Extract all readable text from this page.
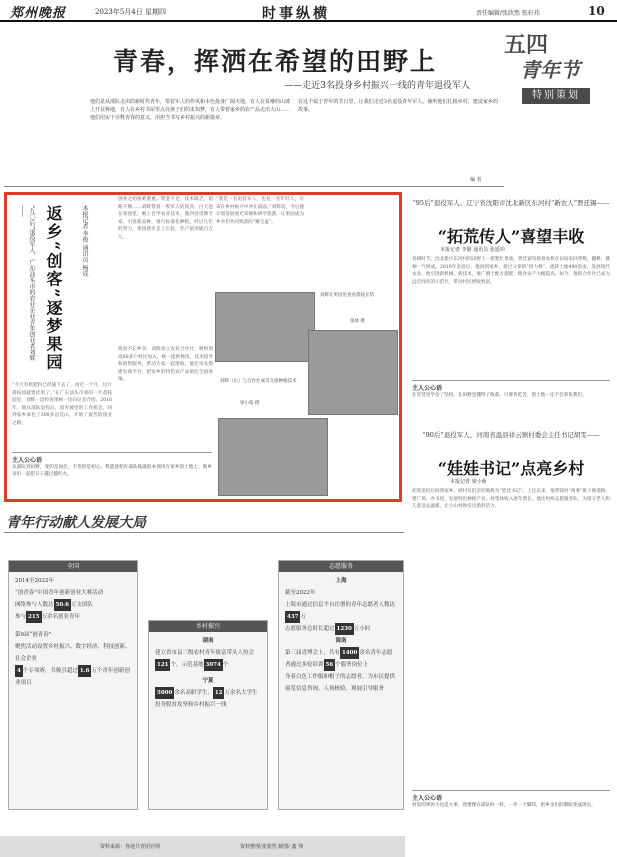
郑州晚报	2023年5月4日 星期四	时事纵横	责任编辑/张欣然 张轩玮	10
青春，挥洒在希望的田野上
——走近3名投身乡村振兴一线的青年退役军人
五四
青年节
特别策划
他们是从部队走出的新时代青年，带着军人的作风和本色投身广阔天地，有人在贫瘠的山坡上开荒种地，有人在乡村书屋里点亮孩子们的求知梦，有人带着家乡的农产品走出大山……他们用实干诠释青春的意义，用担当书写乡村振兴的新篇章。
在这个属于青年的节日里，让我们走近3名退役青年军人，倾听他们扎根乡村、建设家乡的故事。
编 者
“九〇后”退役军人、广东汕头市的农业企业青年创业者刘辉——	返乡“创客”逐梦果园	本报记者 李俊 通讯员 杨成
“今天有机肥料已经施下去了，再过一个月，这片荔枝园就要挂果了。”在广东汕头市郊的一片荔枝园里，刘辉一边检查果树一边向记者介绍。2016年，他从部队退役后，放弃城里的工作机会，回到家乡承包了300多亩荒山，开始了艰苦的创业之路。
创业之初困难重重。资金不足、技术缺乏、销路不畅……刘辉带着一股军人的韧劲，白天泡在果园里，晚上自学农业技术。他四处请教专家，引进新品种，推行标准化种植。经过几年的努力，果园逐步走上正轨，年产值突破百万元。
致富不忘乡亲。刘辉成立农业合作社，吸纳周边60多户村民加入，统一提供种苗、技术指导和销售服务，带动大家一起增收。他还牵头搭建电商平台，把家乡的特色农产品销往全国各地。
“我是一名退役军人，也是一名年轻人，应该在乡村振兴中冲在前面。”刘辉说，今后他计划发展观光采摘和研学旅游，让果园成为乡亲们共同致富的“聚宝盆”。
刘辉在果园里查看荔枝长势
张晓 摄
刘辉（右）与合作社成员交流种植技术
梁小萌 摄
主人公心语
从部队到田野，变的是岗位，不变的是初心。我愿意把在部队练就的本领用在家乡的土地上，和乡亲们一起把日子越过越红火。
“95后”退役军人、辽宁省沈阳市沈北新区东河村“新农人”贾廷锡——
“拓荒传人”喜望丰收
本报记者 李静 通讯员 张延冲
春耕时节，沈北新区东河村的田野上一派繁忙景象。贾廷锡驾驶着农机在田间来回穿梭，翻耕、播种一气呵成。2019年退役后，他回到家乡，接过父辈的“接力棒”，流转土地400余亩，发展现代农业。他引进新机械、新技术，推广测土配方施肥，粮食亩产大幅提高。如今，他的合作社已成为远近闻名的示范社，带动村民增收致富。
主人公心语
在军营里学会了坚持，在田野里懂得了收获。只要肯吃苦，黑土地一定不会辜负我们。
“90后”退役军人、河南省温县祥云镇村委会主任书记胡雯——
“娃娃书记”点亮乡村
本报记者 梁小萌
胡雯退役后回到家乡，被村民们亲切地称为“娃娃书记”。上任以来，他带领村“两委”班子修道路、建广场、办书屋，发展特色种植产业，村集体收入逐年增长。他还组织志愿服务队，为留守老人和儿童送去温暖，让小山村焕发出新的活力。
主人公心语
村里的事再小也是大事。我要像在部队时一样，一步一个脚印，把乡亲们的期盼变成现实。
青年行动献人发展大局
全国
2014至2022年
“创青春”中国青年创新创业大赛活动
网络参与人数达 50.6 万支团队
参与 215 万余名创业青年
第9届“创青春”
聚焦活动设置乡村振兴、数字经济、科技创新、社会企业
4 个专项赛，共吸引超过 1.6 万个青年创新创业项目
乡村振兴
湖南
建立省市县三级农村青年致富带头人协会
121 个，示范基地 3074 个
宁夏
5000 余名高职学生、 12 万余名大学生投身脱贫攻坚和乡村振兴一线
志愿服务
上海
截至2022年
上海市通过信息平台注册的青年志愿者人数达437 万
志愿服务总时长超过 1230 万小时
海南
第三届青博会上，共有 1400 余名青年志愿者通过多轮培训 56 个服务岗位上
身着白色工作服和帽子的志愿者，为市民提供展览信息咨询、人场核验、观展引导服务
资料来源：各地共青团官网	资料整理/张欣然 制图/ 鑫 翔
